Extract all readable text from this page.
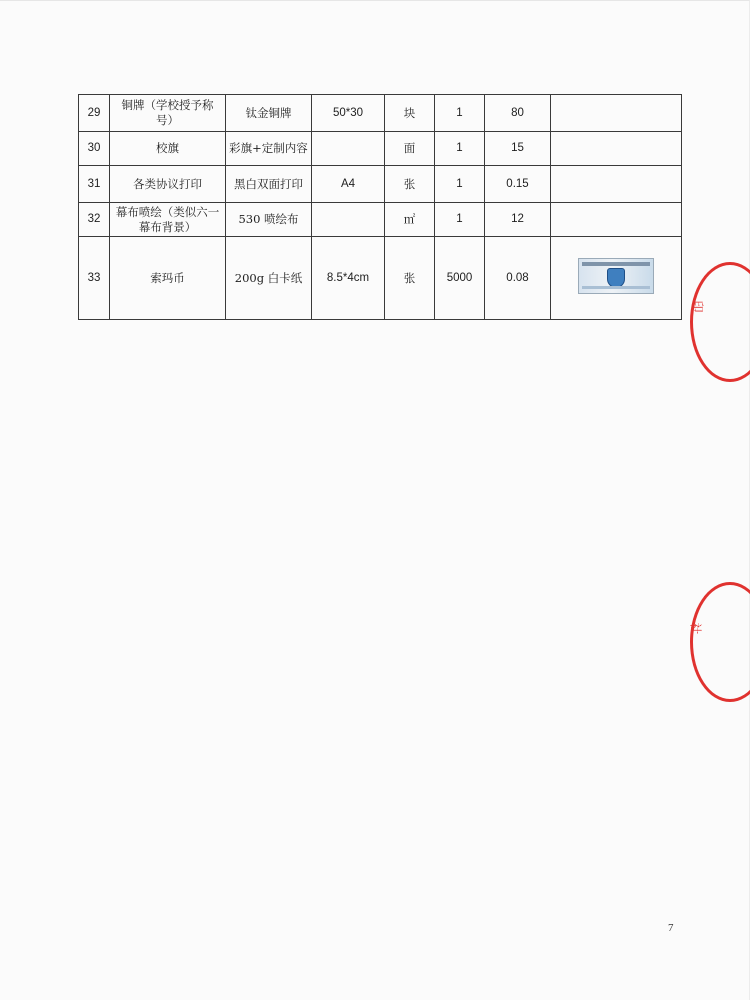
29	铜牌（学校授予称号）	钛金铜牌	50*30	块	1	80	
30	校旗	彩旗+定制内容		面	1	15	
31	各类协议打印	黑白双面打印	A4	张	1	0.15	
32	幕布喷绘（类似六一幕布背景）	530 喷绘布		㎡	1	12	
33	索玛币	200g 白卡纸	8.5*4cm	张	5000	0.08	
印
社
7
